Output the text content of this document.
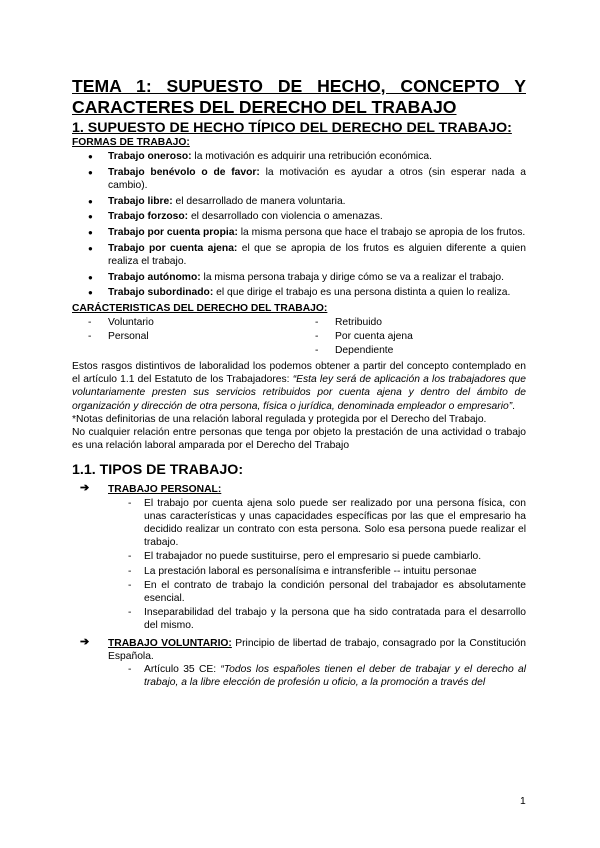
TEMA 1: SUPUESTO DE HECHO, CONCEPTO Y
CARACTERES DEL DERECHO DEL TRABAJO
1. SUPUESTO DE HECHO TÍPICO DEL DERECHO DEL TRABAJO:
FORMAS DE TRABAJO:
● Trabajo oneroso: la motivación es adquirir una retribución económica.
● Trabajo benévolo o de favor: la motivación es ayudar a otros (sin esperar nada a cambio).
● Trabajo libre: el desarrollado de manera voluntaria.
● Trabajo forzoso: el desarrollado con violencia o amenazas.
● Trabajo por cuenta propia: la misma persona que hace el trabajo se apropia de los frutos.
● Trabajo por cuenta ajena: el que se apropia de los frutos es alguien diferente a quien realiza el trabajo.
● Trabajo autónomo: la misma persona trabaja y dirige cómo se va a realizar el trabajo.
● Trabajo subordinado: el que dirige el trabajo es una persona distinta a quien lo realiza.
CARÁCTERISTICAS DEL DERECHO DEL TRABAJO:
- Voluntario
- Personal
- Retribuido
- Por cuenta ajena
- Dependiente

Estos rasgos distintivos de laboralidad los podemos obtener a partir del concepto contemplado en el artículo 1.1 del Estatuto de los Trabajadores: “Esta ley será de aplicación a los trabajadores que voluntariamente presten sus servicios retribuidos por cuenta ajena y dentro del ámbito de organización y dirección de otra persona, física o jurídica, denominada empleador o empresario”.

*Notas definitorias de una relación laboral regulada y protegida por el Derecho del Trabajo.

No cualquier relación entre personas que tenga por objeto la prestación de una actividad o trabajo es una relación laboral amparada por el Derecho del Trabajo

1.1. TIPOS DE TRABAJO:
➔ TRABAJO PERSONAL:
- El trabajo por cuenta ajena solo puede ser realizado por una persona física, con unas características y unas capacidades específicas por las que el empresario ha decidido realizar un contrato con esta persona. Solo esa persona puede realizar el trabajo.
- El trabajador no puede sustituirse, pero el empresario si puede cambiarlo.
- La prestación laboral es personalísima e intransferible -- intuitu personae
- En el contrato de trabajo la condición personal del trabajador es absolutamente esencial.
- Inseparabilidad del trabajo y la persona que ha sido contratada para el desarrollo del mismo.
➔ TRABAJO VOLUNTARIO: Principio de libertad de trabajo, consagrado por la Constitución Española.
- Artículo 35 CE: “Todos los españoles tienen el deber de trabajar y el derecho al trabajo, a la libre elección de profesión u oficio, a la promoción a través del
1
